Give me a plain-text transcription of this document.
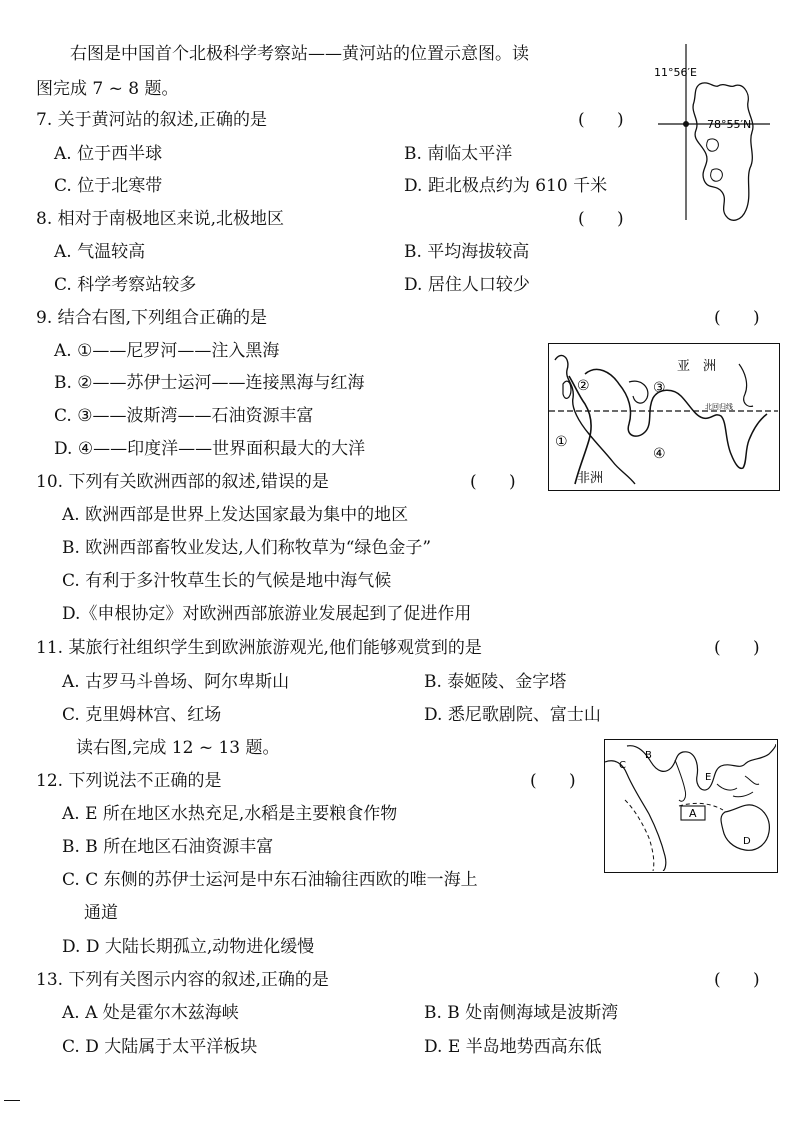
右图是中国首个北极科学考察站——黄河站的位置示意图。读
图完成 7 ~ 8 题。
7. 关于黄河站的叙述,正确的是	(      )
A. 位于西半球	B. 南临太平洋
C. 位于北寒带	D. 距北极点约为 610 千米
8. 相对于南极地区来说,北极地区	(      )
A. 气温较高	B. 平均海拔较高
C. 科学考察站较多	D. 居住人口较少
9. 结合右图,下列组合正确的是	(      )
A. ①——尼罗河——注入黑海
B. ②——苏伊士运河——连接黑海与红海
C. ③——波斯湾——石油资源丰富
D. ④——印度洋——世界面积最大的大洋
10. 下列有关欧洲西部的叙述,错误的是	(      )
A. 欧洲西部是世界上发达国家最为集中的地区
B. 欧洲西部畜牧业发达,人们称牧草为“绿色金子”
C. 有利于多汁牧草生长的气候是地中海气候
D.《申根协定》对欧洲西部旅游业发展起到了促进作用
11. 某旅行社组织学生到欧洲旅游观光,他们能够观赏到的是	(      )
A. 古罗马斗兽场、阿尔卑斯山	B. 泰姬陵、金字塔
C. 克里姆林宫、红场	D. 悉尼歌剧院、富士山
读右图,完成 12 ~ 13 题。
12. 下列说法不正确的是	(      )
A. E 所在地区水热充足,水稻是主要粮食作物
B. B 所在地区石油资源丰富
C. C 东侧的苏伊士运河是中东石油输往西欧的唯一海上
通道
D. D 大陆长期孤立,动物进化缓慢
13. 下列有关图示内容的叙述,正确的是	(      )
A. A 处是霍尔木兹海峡	B. B 处南侧海域是波斯湾
C. D 大陆属于太平洋板块	D. E 半岛地势西高东低
11°56′E
78°55′N
亚　洲
非洲
北回归线
①
②	③
④
A
B
C
D
E
